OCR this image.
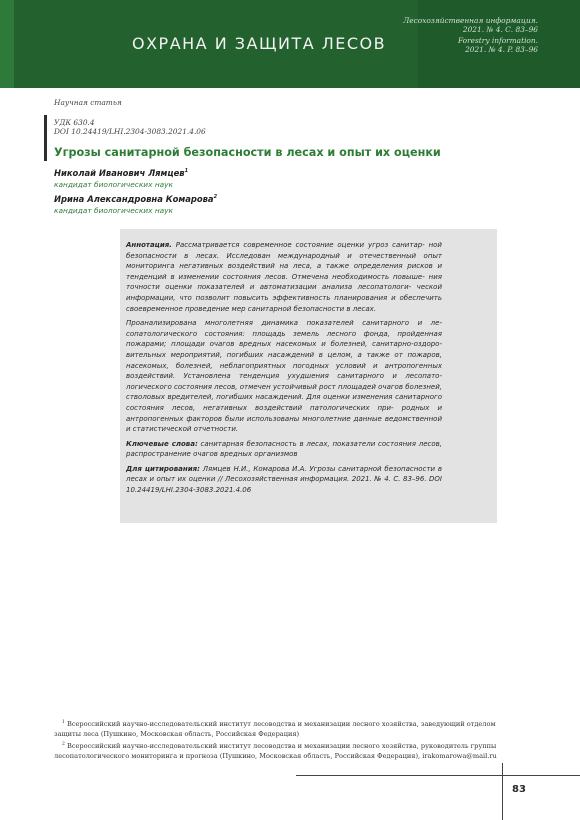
ОХРАНА И ЗАЩИТА ЛЕСОВ
Лесохозяйственная информация.
2021. № 4. С. 83–96
Forestry information.
2021. № 4. P. 83–96
Научная статья
УДК 630.4
DOI 10.24419/LHI.2304-3083.2021.4.06
Угрозы санитарной безопасности в лесах и опыт их оценки
Николай Иванович Лямцев$^1$
кандидат биологических наук
Ирина Александровна Комарова$^2$
кандидат биологических наук

Аннотация. Рассматривается современное состояние оценки угроз санитар- ной безопасности в лесах. Исследован международный и отечественный опыт мониторинга негативных воздействий на леса, а также определения рисков и тенденций в изменении состояния лесов. Отмечена необходимость повыше- ния точности оценки показателей и автоматизации анализа лесопатологи- ческой информации, что позволит повысить эффективность планирования и обеспечить своевременное проведение мер санитарной безопасности в лесах.

Проанализирована многолетняя динамика показателей санитарного и ле- сопатологического состояния: площадь земель лесного фонда, пройденная пожарами; площади очагов вредных насекомых и болезней, санитарно-оздоро- вительных мероприятий, погибших насаждений в целом, а также от пожаров, насекомых, болезней, неблагоприятных погодных условий и антропогенных воздействий. Установлена тенденция ухудшения санитарного и лесопато- логического состояния лесов, отмечен устойчивый рост площадей очагов болезней, стволовых вредителей, погибших насаждений. Для оценки изменения санитарного состояния лесов, негативных воздействий патологических при- родных и антропогенных факторов были использованы многолетние данные ведомственной и статистической отчетности.

Ключевые слова: санитарная безопасность в лесах, показатели состояния лесов, распространение очагов вредных организмов

Для цитирования: Лямцев Н.И., Комарова И.А. Угрозы санитарной безопасности в лесах и опыт их оценки // Лесохозяйственная информация. 2021. № 4. С. 83–96. DOI 10.24419/LHI.2304-3083.2021.4.06

$^1$ Всероссийский научно-исследовательский институт лесоводства и механизации лесного хозяйства, заведующий отделом защиты леса (Пушкино, Московская область, Российская Федерация)

$^2$ Всероссийский научно-исследовательский институт лесоводства и механизации лесного хозяйства, руководитель группы лесопатологического мониторинга и прогноза (Пушкино, Московская область, Российская Федерация), irakomarowa@mail.ru

83
